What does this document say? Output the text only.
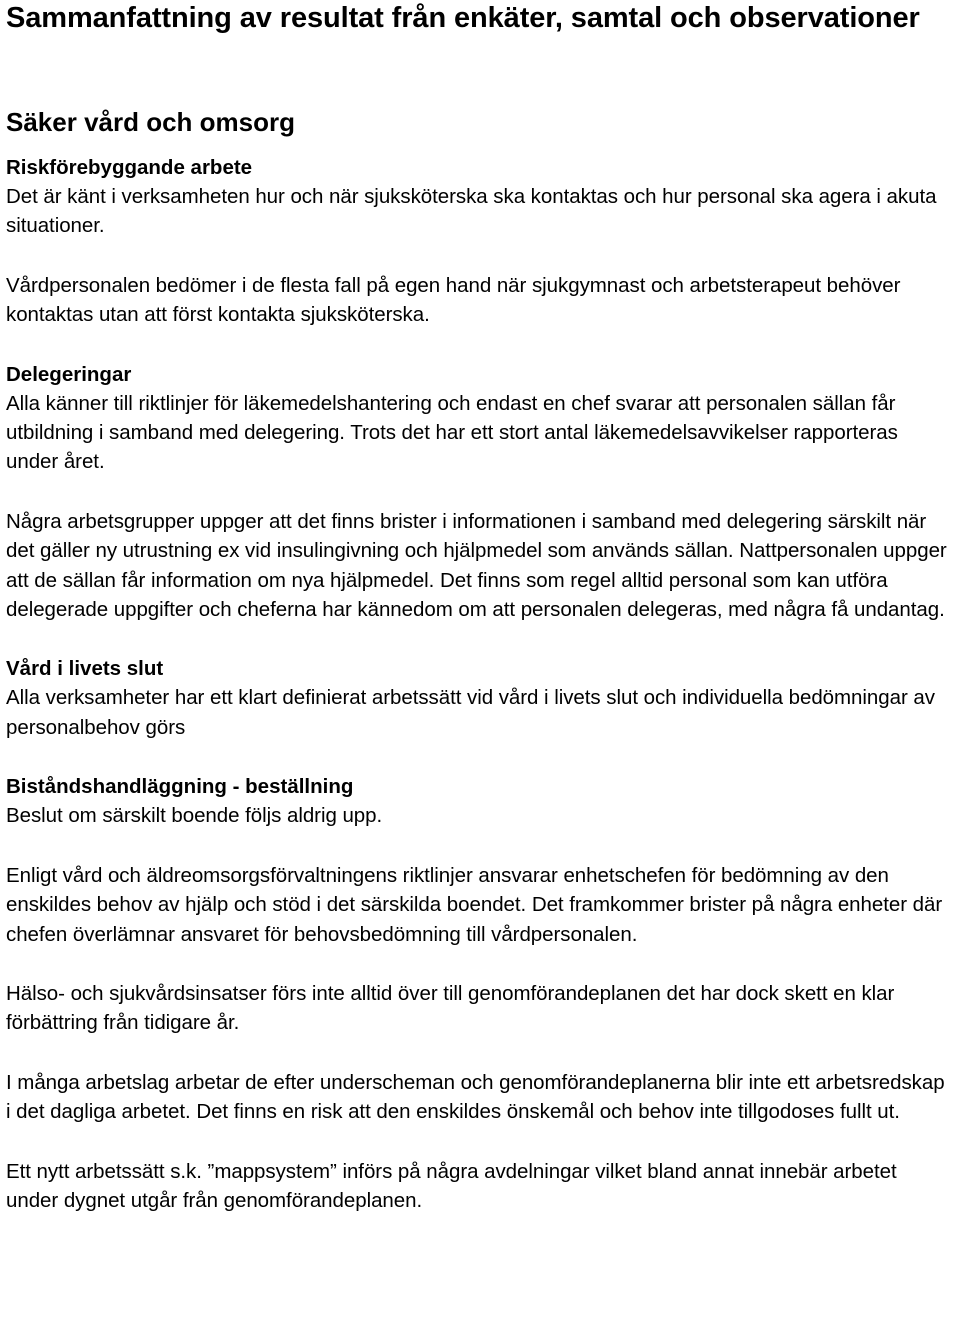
Sammanfattning av resultat från enkäter, samtal och observationer
Säker vård och omsorg
Riskförebyggande arbete

Det är känt i verksamheten hur och när sjuksköterska ska kontaktas och hur personal ska agera i akuta situationer.

Vårdpersonalen bedömer i de flesta fall på egen hand när sjukgymnast och arbetsterapeut behöver kontaktas utan att först kontakta sjuksköterska.

Delegeringar

Alla känner till riktlinjer för läkemedelshantering och endast en chef svarar att personalen sällan får utbildning i samband med delegering. Trots det har ett stort antal läkemedelsavvikelser rapporteras under året.

Några arbetsgrupper uppger att det finns brister i informationen i samband med delegering särskilt när det gäller ny utrustning ex vid insulingivning och hjälpmedel som används sällan. Nattpersonalen uppger att de sällan får information om nya hjälpmedel. Det finns som regel alltid personal som kan utföra delegerade uppgifter och cheferna har kännedom om att personalen delegeras, med några få undantag.

Vård i livets slut

Alla verksamheter har ett klart definierat arbetssätt vid vård i livets slut och individuella bedömningar av personalbehov görs

Biståndshandläggning - beställning

Beslut om särskilt boende följs aldrig upp.

Enligt vård och äldreomsorgsförvaltningens riktlinjer ansvarar enhetschefen för bedömning av den enskildes behov av hjälp och stöd i det särskilda boendet. Det framkommer brister på några enheter där chefen överlämnar ansvaret för behovsbedömning till vårdpersonalen.

Hälso- och sjukvårdsinsatser förs inte alltid över till genomförandeplanen det har dock skett en klar förbättring från tidigare år.

I många arbetslag arbetar de efter underscheman och genomförandeplanerna blir inte ett arbetsredskap i det dagliga arbetet. Det finns en risk att den enskildes önskemål och behov inte tillgodoses fullt ut.

Ett nytt arbetssätt s.k. ”mappsystem” införs på några avdelningar vilket bland annat innebär arbetet under dygnet utgår från genomförandeplanen.
